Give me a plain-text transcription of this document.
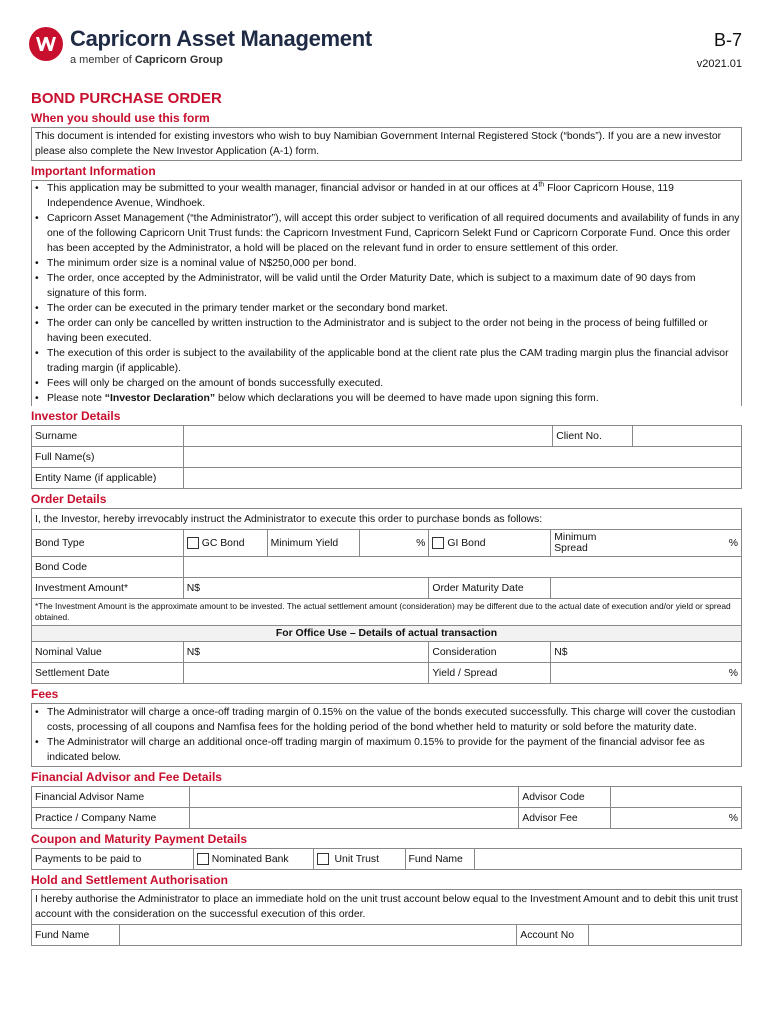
Capricorn Asset Management
a member of Capricorn Group
B-7
v2021.01
BOND PURCHASE ORDER
When you should use this form
This document is intended for existing investors who wish to buy Namibian Government Internal Registered Stock (“bonds”). If you are a new investor please also complete the New Investor Application (A-1) form.
Important Information
• This application may be submitted to your wealth manager, financial advisor or handed in at our offices at 4th Floor Capricorn House, 119 Independence Avenue, Windhoek.
• Capricorn Asset Management (“the Administrator”), will accept this order subject to verification of all required documents and availability of funds in any one of the following Capricorn Unit Trust funds: the Capricorn Investment Fund, Capricorn Selekt Fund or Capricorn Corporate Fund. Once this order has been accepted by the Administrator, a hold will be placed on the relevant fund in order to ensure settlement of this order.
• The minimum order size is a nominal value of N$250,000 per bond.
• The order, once accepted by the Administrator, will be valid until the Order Maturity Date, which is subject to a maximum date of 90 days from signature of this form.
• The order can be executed in the primary tender market or the secondary bond market.
• The order can only be cancelled by written instruction to the Administrator and is subject to the order not being in the process of being fulfilled or having been executed.
• The execution of this order is subject to the availability of the applicable bond at the client rate plus the CAM trading margin plus the financial advisor trading margin (if applicable).
• Fees will only be charged on the amount of bonds successfully executed.
• Please note “Investor Declaration” below which declarations you will be deemed to have made upon signing this form.
Investor Details
Surname		Client No.	
Full Name(s)			
Entity Name (if applicable)			
Order Details
I, the Investor, hereby irrevocably instruct the Administrator to execute this order to purchase bonds as follows:						
Bond Type	GC Bond	Minimum Yield	%	GI Bond	Minimum Spread	%
Bond Code						
Investment Amount*	N$			Order Maturity Date		
*The Investment Amount is the approximate amount to be invested. The actual settlement amount (consideration) may be different due to the actual date of execution and/or yield or spread obtained.						
For Office Use – Details of actual transaction						
Nominal Value	N$			Consideration	N$	
Settlement Date				Yield / Spread	%	
Fees
• The Administrator will charge a once-off trading margin of 0.15% on the value of the bonds executed successfully. This charge will cover the custodian costs, processing of all coupons and Namfisa fees for the holding period of the bond whether held to maturity or sold before the maturity date.
• The Administrator will charge an additional once-off trading margin of maximum 0.15% to provide for the payment of the financial advisor fee as indicated below.
Financial Advisor and Fee Details
Financial Advisor Name		Advisor Code	
Practice / Company Name		Advisor Fee	%
Coupon and Maturity Payment Details
Payments to be paid to	Nominated Bank	Unit Trust	Fund Name	
Hold and Settlement Authorisation
I hereby authorise the Administrator to place an immediate hold on the unit trust account below equal to the Investment Amount and to debit this unit trust account with the consideration on the successful execution of this order.
Fund Name		Account No	
